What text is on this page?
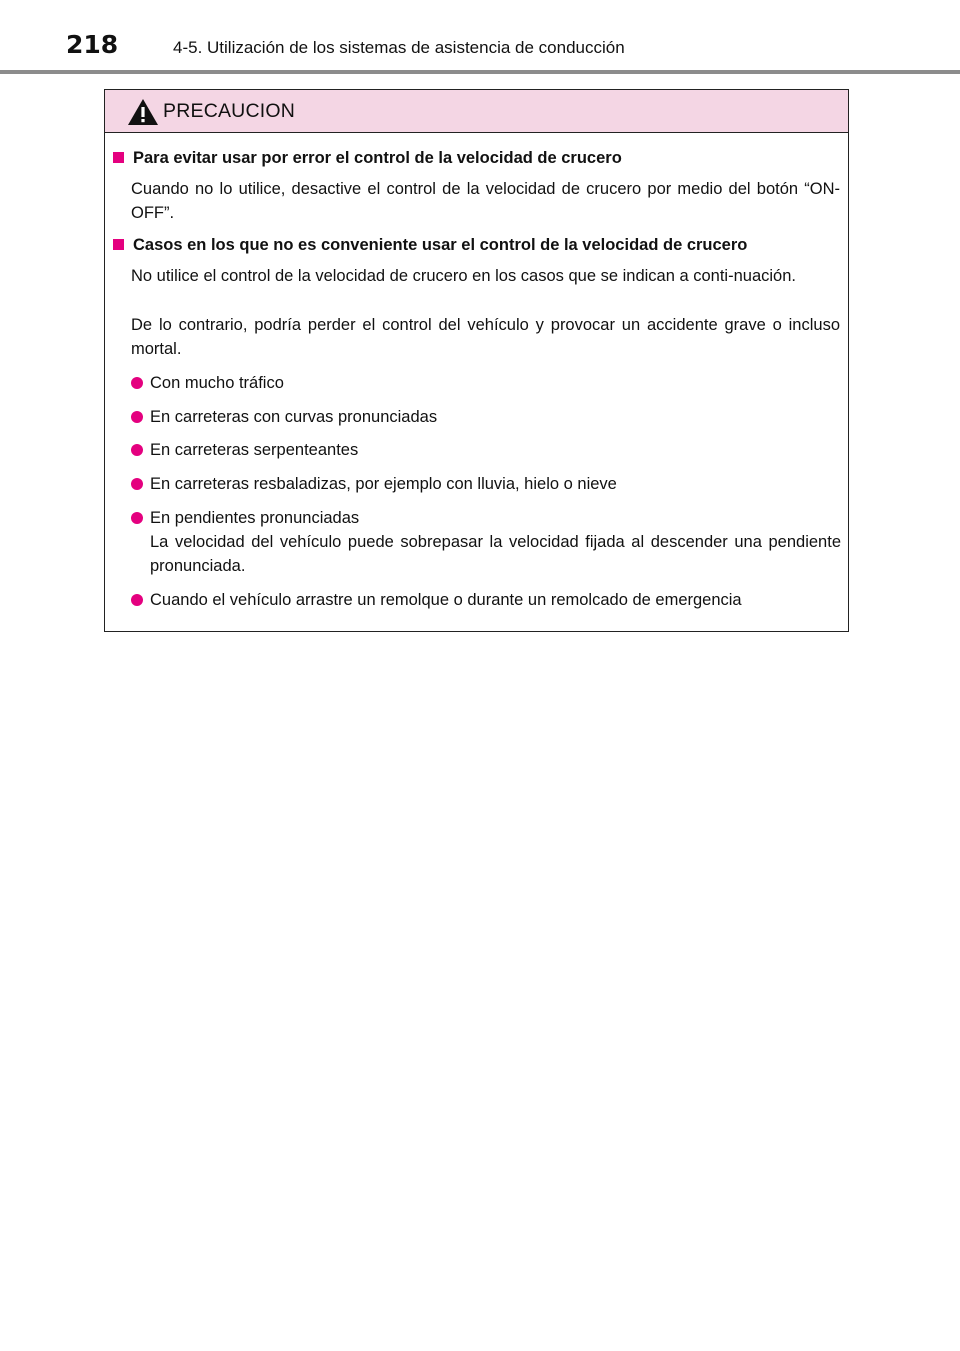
218	4-5. Utilización de los sistemas de asistencia de conducción
PRECAUCION
Para evitar usar por error el control de la velocidad de crucero
Cuando no lo utilice, desactive el control de la velocidad de crucero por medio del botón “ON-OFF”.
Casos en los que no es conveniente usar el control de la velocidad de crucero
No utilice el control de la velocidad de crucero en los casos que se indican a conti-nuación.
De lo contrario, podría perder el control del vehículo y provocar un accidente grave o incluso mortal.
Con mucho tráfico
En carreteras con curvas pronunciadas
En carreteras serpenteantes
En carreteras resbaladizas, por ejemplo con lluvia, hielo o nieve
En pendientes pronunciadas
La velocidad del vehículo puede sobrepasar la velocidad fijada al descender una pendiente pronunciada.
Cuando el vehículo arrastre un remolque o durante un remolcado de emergencia
